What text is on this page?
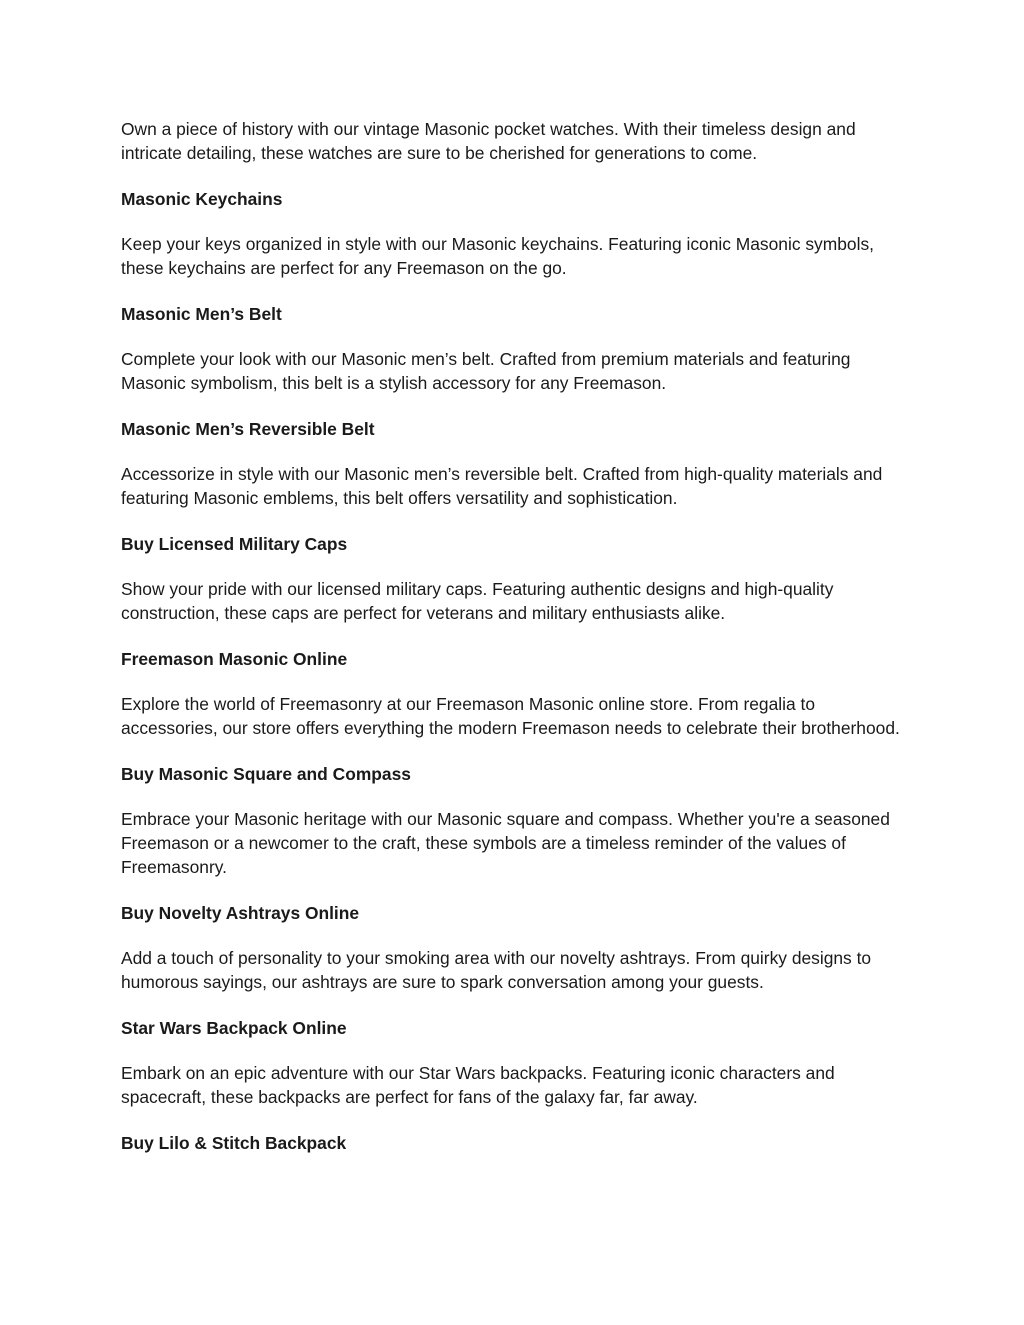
Own a piece of history with our vintage Masonic pocket watches. With their timeless design and intricate detailing, these watches are sure to be cherished for generations to come.

Masonic Keychains

Keep your keys organized in style with our Masonic keychains. Featuring iconic Masonic symbols, these keychains are perfect for any Freemason on the go.

Masonic Men’s Belt

Complete your look with our Masonic men’s belt. Crafted from premium materials and featuring Masonic symbolism, this belt is a stylish accessory for any Freemason.

Masonic Men’s Reversible Belt

Accessorize in style with our Masonic men’s reversible belt. Crafted from high-quality materials and featuring Masonic emblems, this belt offers versatility and sophistication.

Buy Licensed Military Caps

Show your pride with our licensed military caps. Featuring authentic designs and high-quality construction, these caps are perfect for veterans and military enthusiasts alike.

Freemason Masonic Online

Explore the world of Freemasonry at our Freemason Masonic online store. From regalia to accessories, our store offers everything the modern Freemason needs to celebrate their brotherhood.

Buy Masonic Square and Compass

Embrace your Masonic heritage with our Masonic square and compass. Whether you're a seasoned Freemason or a newcomer to the craft, these symbols are a timeless reminder of the values of Freemasonry.

Buy Novelty Ashtrays Online

Add a touch of personality to your smoking area with our novelty ashtrays. From quirky designs to humorous sayings, our ashtrays are sure to spark conversation among your guests.

Star Wars Backpack Online

Embark on an epic adventure with our Star Wars backpacks. Featuring iconic characters and spacecraft, these backpacks are perfect for fans of the galaxy far, far away.

Buy Lilo & Stitch Backpack
